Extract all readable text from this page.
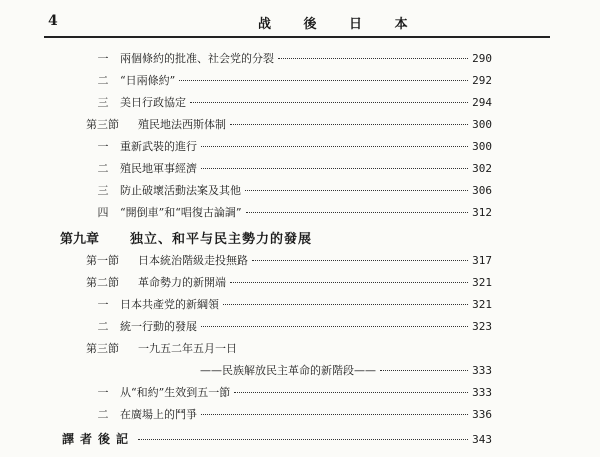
4	战 後 日 本
一	兩個條約的批准、社会党的分裂	290
二	“日兩條約”	292
三	美日行政協定	294
第三節	殖民地法西斯体制	300
一	重新武裝的進行	300
二	殖民地軍事經濟	302
三	防止破壞活動法案及其他	306
四	“開倒車”和“唱復古論調”	312
第九章	独立、和平与民主勢力的發展
第一節	日本統治階級走投無路	317
第二節	革命勢力的新開端	321
一	日本共產党的新綱領	321
二	統一行動的發展	323
第三節	一九五二年五月一日
——民族解放民主革命的新階段——	333
一	从“和約”生效到五一節	333
二	在廣場上的鬥爭	336
譯者後記	343
